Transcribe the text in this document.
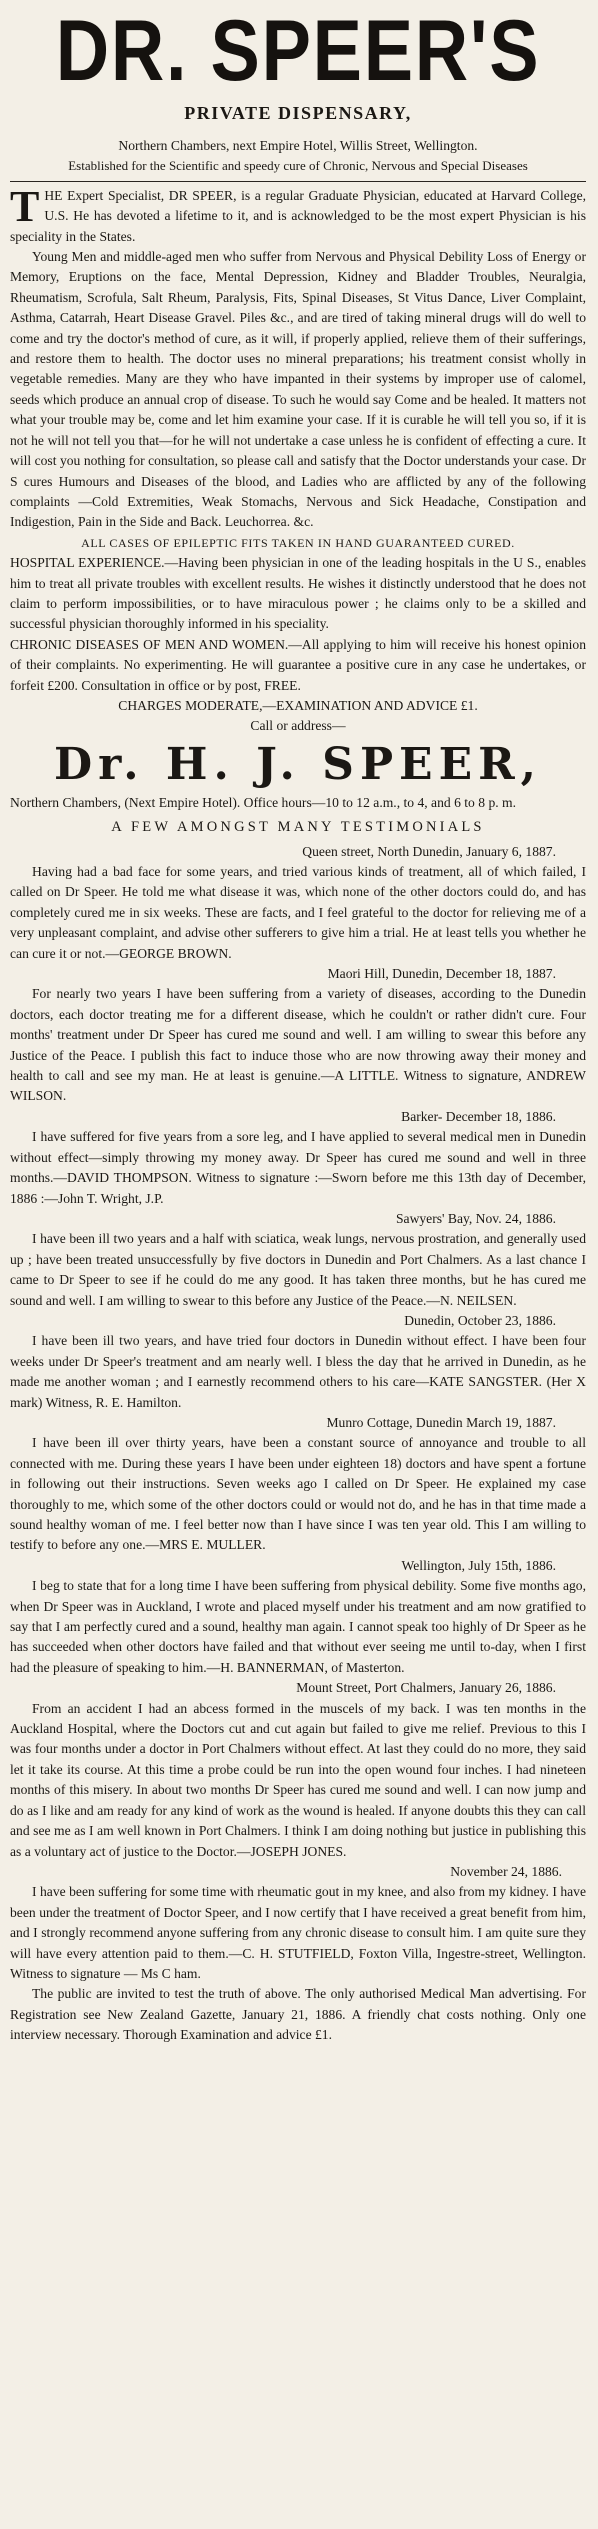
DR. SPEER'S
PRIVATE DISPENSARY,

Northern Chambers, next Empire Hotel, Willis Street, Wellington.

Established for the Scientific and speedy cure of Chronic, Nervous and Special Diseases

THE Expert Specialist, DR SPEER, is a regular Graduate Physician, educated at Harvard College, U.S. He has devoted a lifetime to it, and is acknowledged to be the most expert Physician is his speciality in the States.

Young Men and middle-aged men who suffer from Nervous and Physical Debility Loss of Energy or Memory, Eruptions on the face, Mental Depression, Kidney and Bladder Troubles, Neuralgia, Rheumatism, Scrofula, Salt Rheum, Paralysis, Fits, Spinal Diseases, St Vitus Dance, Liver Complaint, Asthma, Catarrah, Heart Disease Gravel. Piles &c., and are tired of taking mineral drugs will do well to come and try the doctor's method of cure, as it will, if properly applied, relieve them of their sufferings, and restore them to health. The doctor uses no mineral preparations; his treatment consist wholly in vegetable remedies. Many are they who have impanted in their systems by improper use of calomel, seeds which produce an annual crop of disease. To such he would say Come and be healed. It matters not what your trouble may be, come and let him examine your case. If it is curable he will tell you so, if it is not he will not tell you that—for he will not undertake a case unless he is confident of effecting a cure. It will cost you nothing for consultation, so please call and satisfy that the Doctor understands your case. Dr S cures Humours and Diseases of the blood, and Ladies who are afflicted by any of the following complaints —Cold Extremities, Weak Stomachs, Nervous and Sick Headache, Constipation and Indigestion, Pain in the Side and Back. Leuchorrea. &c.

ALL CASES OF EPILEPTIC FITS TAKEN IN HAND GUARANTEED CURED.

HOSPITAL EXPERIENCE.—Having been physician in one of the leading hospitals in the U S., enables him to treat all private troubles with excellent results. He wishes it distinctly understood that he does not claim to perform impossibilities, or to have miraculous power ; he claims only to be a skilled and successful physician thoroughly informed in his speciality.

CHRONIC DISEASES OF MEN AND WOMEN.—All applying to him will receive his honest opinion of their complaints. No experimenting. He will guarantee a positive cure in any case he undertakes, or forfeit £200. Consultation in office or by post, FREE.

CHARGES MODERATE,—EXAMINATION AND ADVICE £1.

Call or address—

Dr. H. J. SPEER,

Northern Chambers, (Next Empire Hotel). Office hours—10 to 12 a.m., to 4, and 6 to 8 p. m.

A FEW AMONGST MANY TESTIMONIALS

Queen street, North Dunedin, January 6, 1887.

Having had a bad face for some years, and tried various kinds of treatment, all of which failed, I called on Dr Speer. He told me what disease it was, which none of the other doctors could do, and has completely cured me in six weeks. These are facts, and I feel grateful to the doctor for relieving me of a very unpleasant complaint, and advise other sufferers to give him a trial. He at least tells you whether he can cure it or not.—GEORGE BROWN.

Maori Hill, Dunedin, December 18, 1887.

For nearly two years I have been suffering from a variety of diseases, according to the Dunedin doctors, each doctor treating me for a different disease, which he couldn't or rather didn't cure. Four months' treatment under Dr Speer has cured me sound and well. I am willing to swear this before any Justice of the Peace. I publish this fact to induce those who are now throwing away their money and health to call and see my man. He at least is genuine.—A LITTLE. Witness to signature, ANDREW WILSON.

Barker- December 18, 1886.

I have suffered for five years from a sore leg, and I have applied to several medical men in Dunedin without effect—simply throwing my money away. Dr Speer has cured me sound and well in three months.—DAVID THOMPSON. Witness to signature :—Sworn before me this 13th day of December, 1886 :—John T. Wright, J.P.

Sawyers' Bay, Nov. 24, 1886.

I have been ill two years and a half with sciatica, weak lungs, nervous prostration, and generally used up ; have been treated unsuccessfully by five doctors in Dunedin and Port Chalmers. As a last chance I came to Dr Speer to see if he could do me any good. It has taken three months, but he has cured me sound and well. I am willing to swear to this before any Justice of the Peace.—N. NEILSEN.

Dunedin, October 23, 1886.

I have been ill two years, and have tried four doctors in Dunedin without effect. I have been four weeks under Dr Speer's treatment and am nearly well. I bless the day that he arrived in Dunedin, as he made me another woman ; and I earnestly recommend others to his care—KATE SANGSTER. (Her X mark) Witness, R. E. Hamilton.

Munro Cottage, Dunedin March 19, 1887.

I have been ill over thirty years, have been a constant source of annoyance and trouble to all connected with me. During these years I have been under eighteen 18) doctors and have spent a fortune in following out their instructions. Seven weeks ago I called on Dr Speer. He explained my case thoroughly to me, which some of the other doctors could or would not do, and he has in that time made a sound healthy woman of me. I feel better now than I have since I was ten year old. This I am willing to testify to before any one.—MRS E. MULLER.

Wellington, July 15th, 1886.

I beg to state that for a long time I have been suffering from physical debility. Some five months ago, when Dr Speer was in Auckland, I wrote and placed myself under his treatment and am now gratified to say that I am perfectly cured and a sound, healthy man again. I cannot speak too highly of Dr Speer as he has succeeded when other doctors have failed and that without ever seeing me until to-day, when I first had the pleasure of speaking to him.—H. BANNERMAN, of Masterton.

Mount Street, Port Chalmers, January 26, 1886.

From an accident I had an abcess formed in the muscels of my back. I was ten months in the Auckland Hospital, where the Doctors cut and cut again but failed to give me relief. Previous to this I was four months under a doctor in Port Chalmers without effect. At last they could do no more, they said let it take its course. At this time a probe could be run into the open wound four inches. I had nineteen months of this misery. In about two months Dr Speer has cured me sound and well. I can now jump and do as I like and am ready for any kind of work as the wound is healed. If anyone doubts this they can call and see me as I am well known in Port Chalmers. I think I am doing nothing but justice in publishing this as a voluntary act of justice to the Doctor.—JOSEPH JONES.

November 24, 1886.

I have been suffering for some time with rheumatic gout in my knee, and also from my kidney. I have been under the treatment of Doctor Speer, and I now certify that I have received a great benefit from him, and I strongly recommend anyone suffering from any chronic disease to consult him. I am quite sure they will have every attention paid to them.—C. H. STUTFIELD, Foxton Villa, Ingestre-street, Wellington. Witness to signature — Ms C ham.

The public are invited to test the truth of above. The only authorised Medical Man advertising. For Registration see New Zealand Gazette, January 21, 1886. A friendly chat costs nothing. Only one interview necessary. Thorough Examination and advice £1.
